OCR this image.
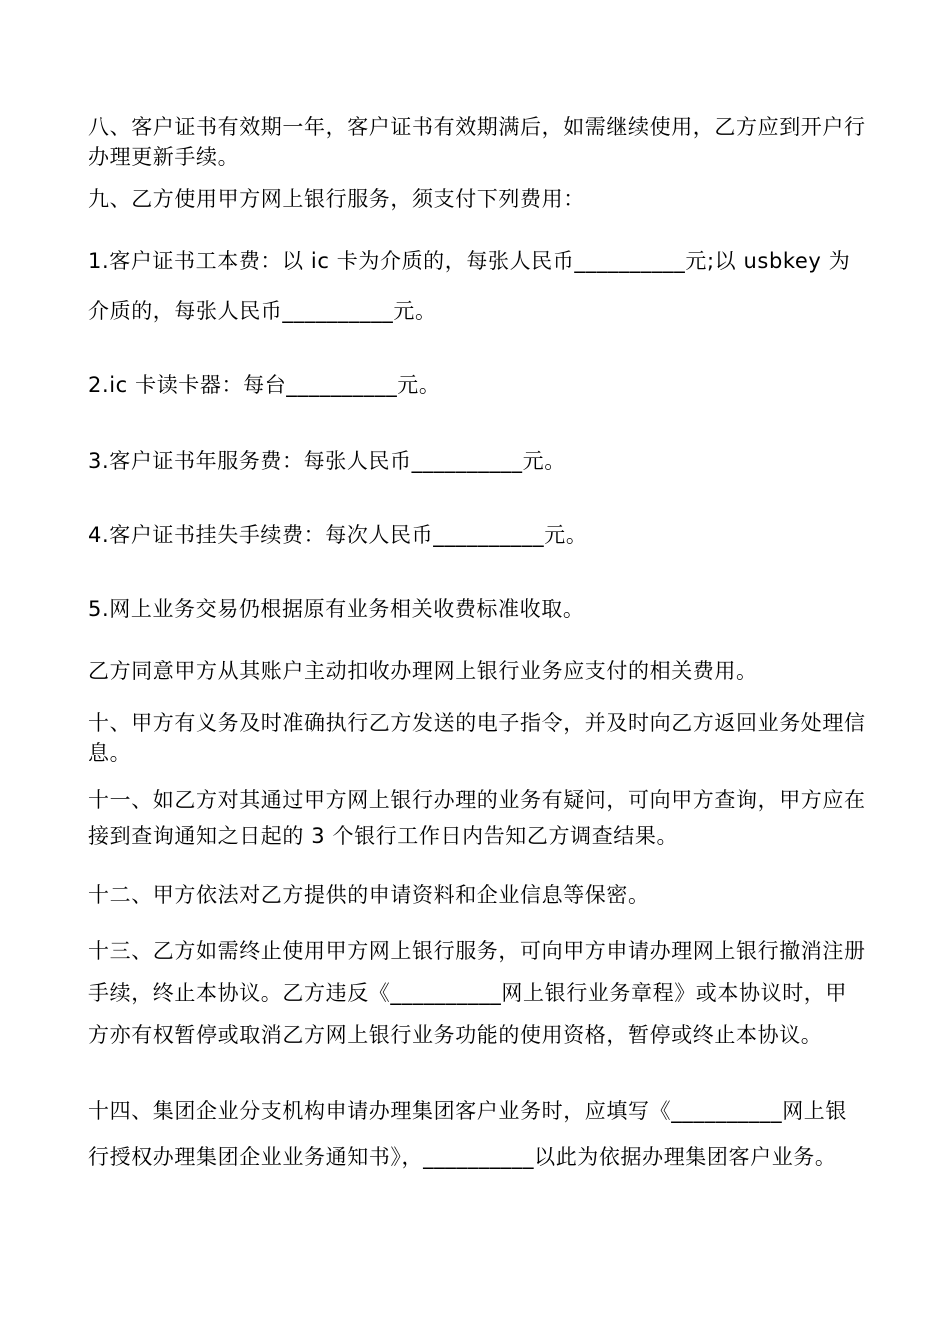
八、客户证书有效期一年，客户证书有效期满后，如需继续使用，乙方应到开户行办理更新手续。
九、乙方使用甲方网上银行服务，须支付下列费用：
1.客户证书工本费：以 ic 卡为介质的，每张人民币__________元;以 usbkey 为介质的，每张人民币__________元。
2.ic 卡读卡器：每台__________元。
3.客户证书年服务费：每张人民币__________元。
4.客户证书挂失手续费：每次人民币__________元。
5.网上业务交易仍根据原有业务相关收费标准收取。
乙方同意甲方从其账户主动扣收办理网上银行业务应支付的相关费用。
十、甲方有义务及时准确执行乙方发送的电子指令，并及时向乙方返回业务处理信息。
十一、如乙方对其通过甲方网上银行办理的业务有疑问，可向甲方查询，甲方应在接到查询通知之日起的 3 个银行工作日内告知乙方调查结果。
十二、甲方依法对乙方提供的申请资料和企业信息等保密。
十三、乙方如需终止使用甲方网上银行服务，可向甲方申请办理网上银行撤消注册手续，终止本协议。乙方违反《__________网上银行业务章程》或本协议时，甲方亦有权暂停或取消乙方网上银行业务功能的使用资格，暂停或终止本协议。
十四、集团企业分支机构申请办理集团客户业务时，应填写《__________网上银行授权办理集团企业业务通知书》，__________以此为依据办理集团客户业务。
